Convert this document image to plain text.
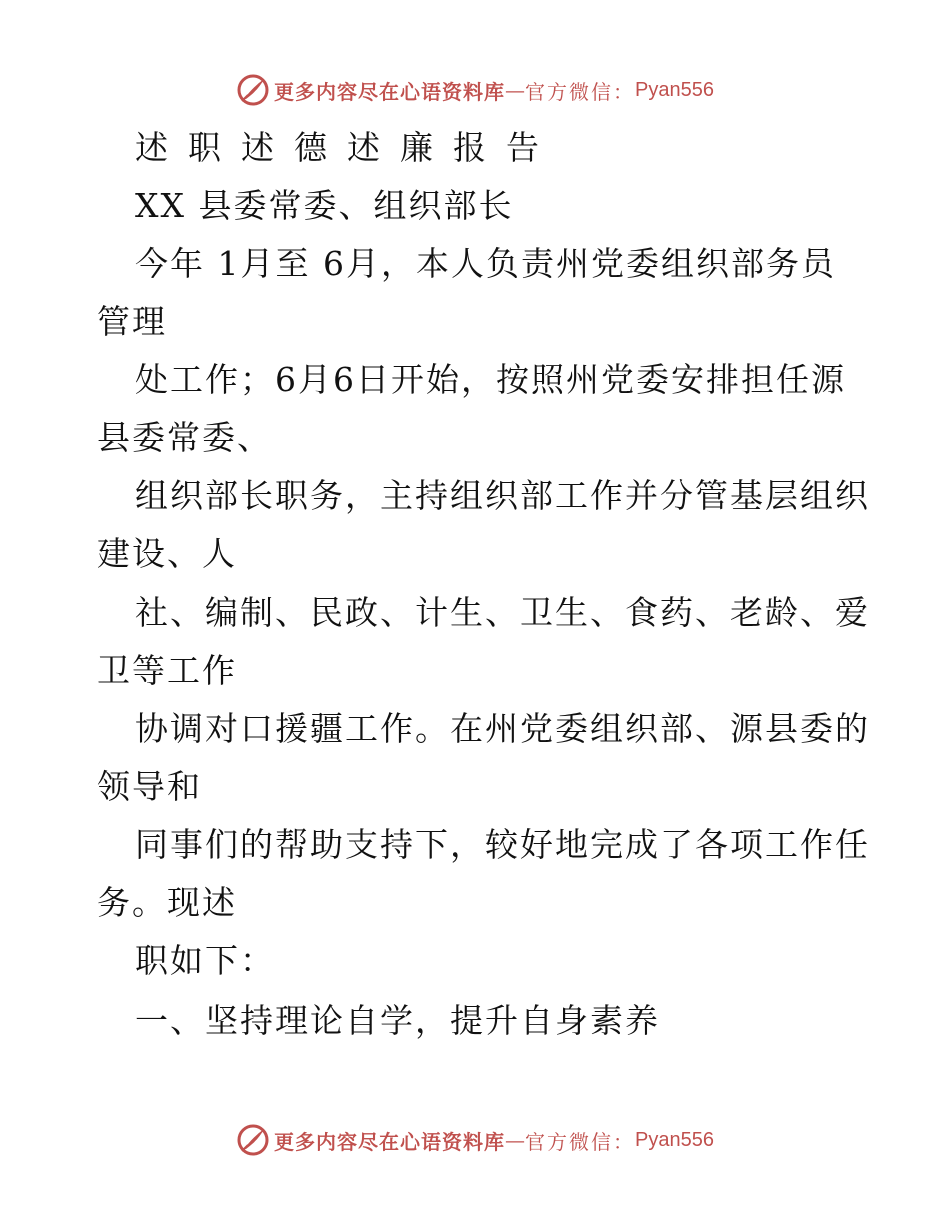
更多内容尽在心语资料库 — 官方微信： Pyan556
述职述德述廉报告
XX 县委常委、组织部长
今年 1月至 6月，本人负责州党委组织部务员
管理
处工作；6月6日开始，按照州党委安排担任源
县委常委、
组织部长职务，主持组织部工作并分管基层组织
建设、人
社、编制、民政、计生、卫生、食药、老龄、爱
卫等工作
协调对口援疆工作。在州党委组织部、源县委的
领导和
同事们的帮助支持下，较好地完成了各项工作任
务。现述
职如下：
一、坚持理论自学，提升自身素养
更多内容尽在心语资料库 — 官方微信： Pyan556
